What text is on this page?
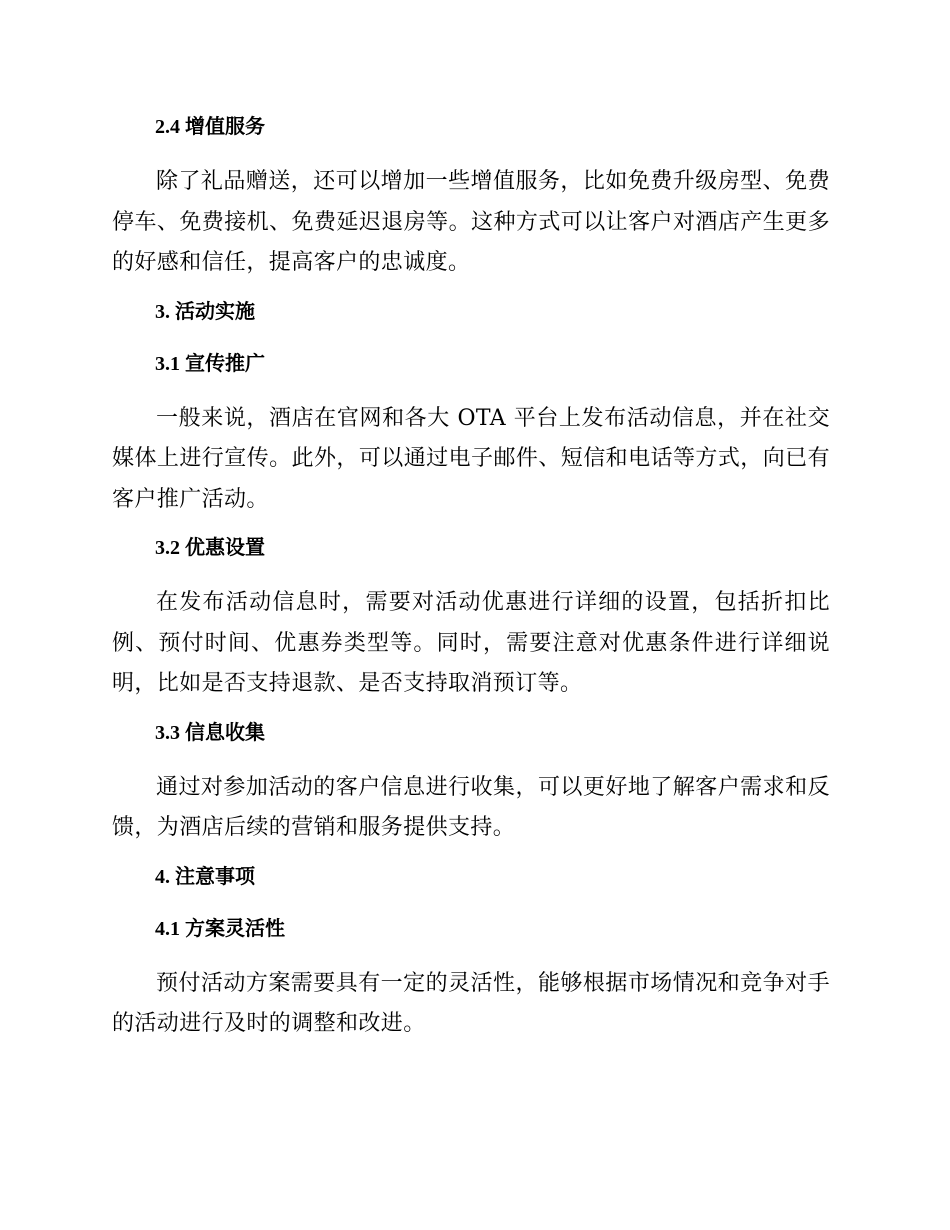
2.4 增值服务

除了礼品赠送，还可以增加一些增值服务，比如免费升级房型、免费停车、免费接机、免费延迟退房等。这种方式可以让客户对酒店产生更多的好感和信任，提高客户的忠诚度。

3. 活动实施
3.1 宣传推广

一般来说，酒店在官网和各大 OTA 平台上发布活动信息，并在社交媒体上进行宣传。此外，可以通过电子邮件、短信和电话等方式，向已有客户推广活动。

3.2 优惠设置

在发布活动信息时，需要对活动优惠进行详细的设置，包括折扣比例、预付时间、优惠券类型等。同时，需要注意对优惠条件进行详细说明，比如是否支持退款、是否支持取消预订等。

3.3 信息收集

通过对参加活动的客户信息进行收集，可以更好地了解客户需求和反馈，为酒店后续的营销和服务提供支持。

4. 注意事项
4.1 方案灵活性

预付活动方案需要具有一定的灵活性，能够根据市场情况和竞争对手的活动进行及时的调整和改进。
